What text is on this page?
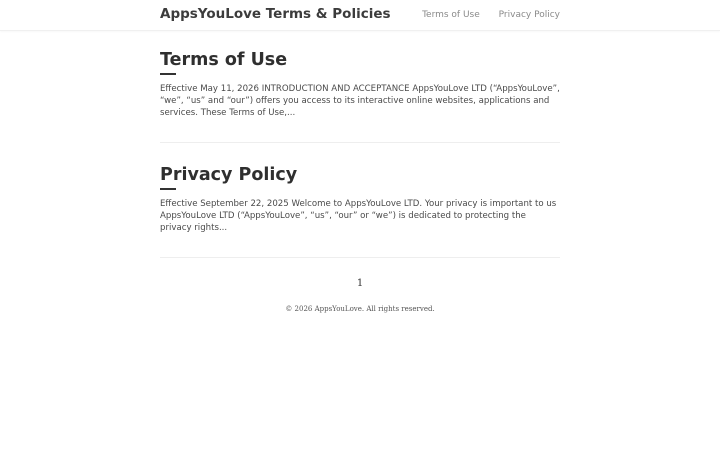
AppsYouLove Terms & Policies	Terms of Use Privacy Policy
Terms of Use

Effective May 11, 2026 INTRODUCTION AND ACCEPTANCE AppsYouLove LTD (“AppsYouLove”, “we”, “us” and “our”) offers you access to its interactive online websites, applications and services. These Terms of Use,...

Privacy Policy

Effective September 22, 2025 Welcome to AppsYouLove LTD. Your privacy is important to us AppsYouLove LTD (“AppsYouLove”, “us”, “our” or “we”) is dedicated to protecting the privacy rights...

1
© 2026 AppsYouLove. All rights reserved.
